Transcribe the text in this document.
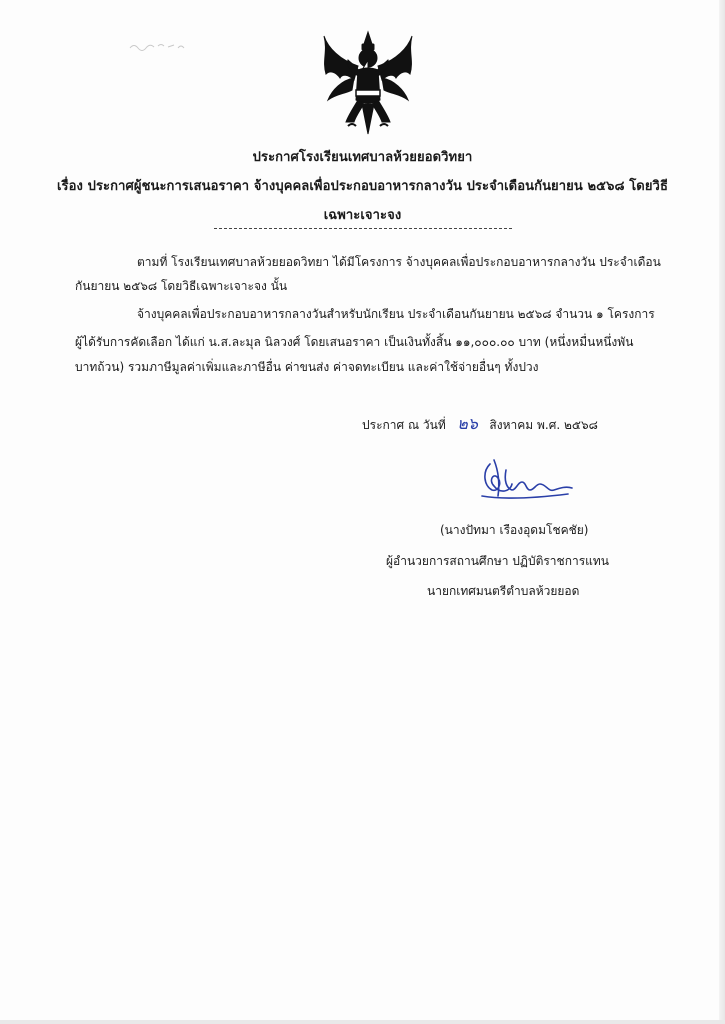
ประกาศโรงเรียนเทศบาลห้วยยอดวิทยา
เรื่อง ประกาศผู้ชนะการเสนอราคา จ้างบุคคลเพื่อประกอบอาหารกลางวัน ประจำเดือนกันยายน ๒๕๖๘ โดยวิธี
เฉพาะเจาะจง
ตามที่ โรงเรียนเทศบาลห้วยยอดวิทยา ได้มีโครงการ จ้างบุคคลเพื่อประกอบอาหารกลางวัน ประจำเดือน
กันยายน ๒๕๖๘ โดยวิธีเฉพาะเจาะจง นั้น
จ้างบุคคลเพื่อประกอบอาหารกลางวันสำหรับนักเรียน ประจำเดือนกันยายน ๒๕๖๘ จำนวน ๑ โครงการ
ผู้ได้รับการคัดเลือก ได้แก่ น.ส.ละมุล นิลวงศ์ โดยเสนอราคา เป็นเงินทั้งสิ้น ๑๑,๐๐๐.๐๐ บาท (หนึ่งหมื่นหนึ่งพัน
บาทถ้วน) รวมภาษีมูลค่าเพิ่มและภาษีอื่น ค่าขนส่ง ค่าจดทะเบียน และค่าใช้จ่ายอื่นๆ ทั้งปวง
ประกาศ ณ วันที่ ๒๖ สิงหาคม พ.ศ. ๒๕๖๘
(นางปัทมา เรืองอุดมโชคชัย)
ผู้อำนวยการสถานศึกษา ปฏิบัติราชการแทน
นายกเทศมนตรีตำบลห้วยยอด
